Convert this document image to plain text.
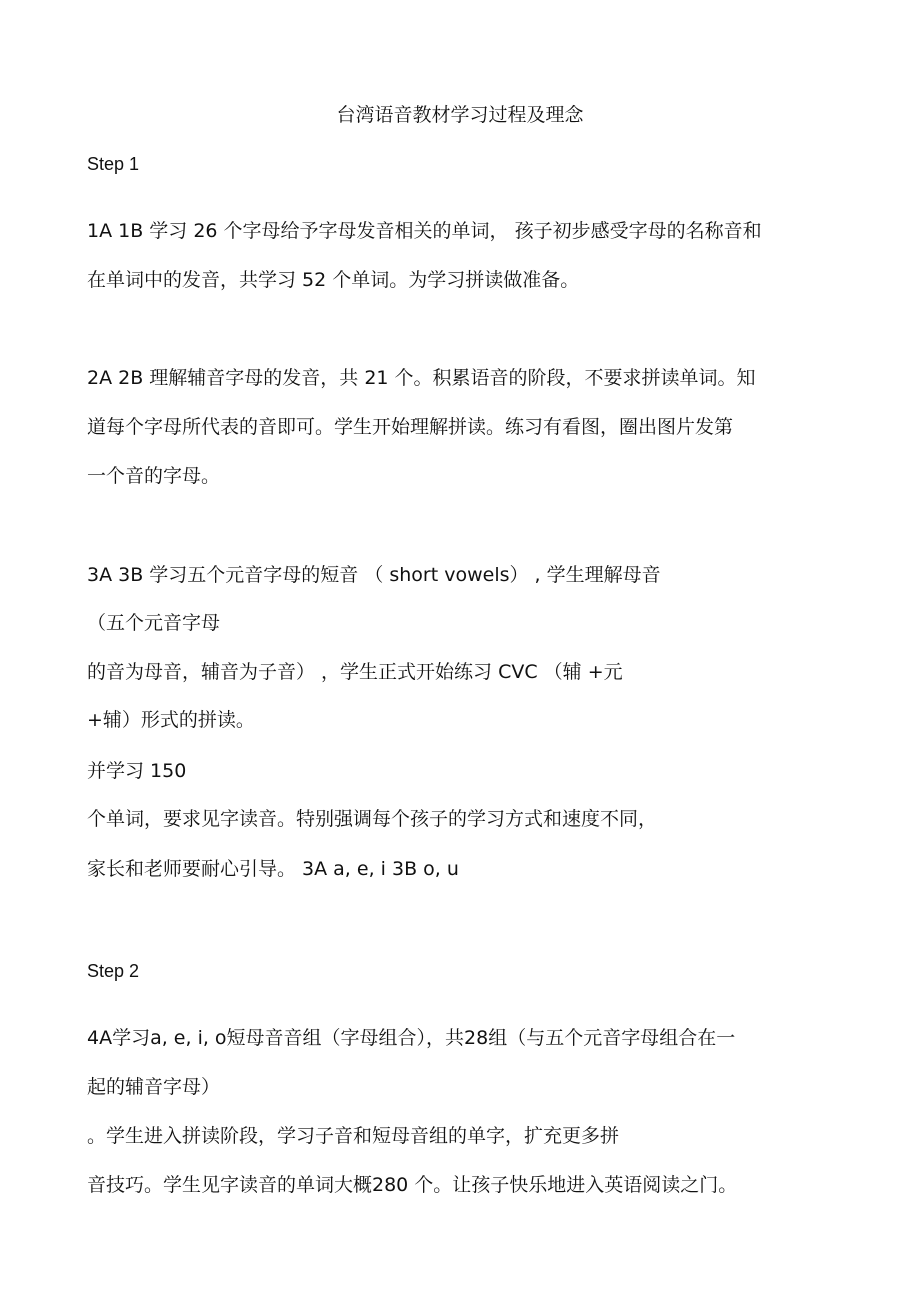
台湾语音教材学习过程及理念
Step 1
1A 1B 学习 26 个字母给予字母发音相关的单词， 孩子初步感受字母的名称音和
在单词中的发音，共学习 52 个单词。为学习拼读做准备。
2A 2B 理解辅音字母的发音，共 21 个。积累语音的阶段，不要求拼读单词。知
道每个字母所代表的音即可。学生开始理解拼读。练习有看图，圈出图片发第
一个音的字母。
3A 3B 学习五个元音字母的短音 （ short vowels） , 学生理解母音
（五个元音字母
的音为母音，辅音为子音） ，学生正式开始练习 CVC （辅 +元
+辅）形式的拼读。
并学习 150
个单词，要求见字读音。特别强调每个孩子的学习方式和速度不同，
家长和老师要耐心引导。 3A a, e, i 3B o, u
Step 2
4A学习a, e, i, o短母音音组（字母组合），共28组（与五个元音字母组合在一
起的辅音字母）
。学生进入拼读阶段，学习子音和短母音组的单字，扩充更多拼
音技巧。学生见字读音的单词大概280 个。让孩子快乐地进入英语阅读之门。
